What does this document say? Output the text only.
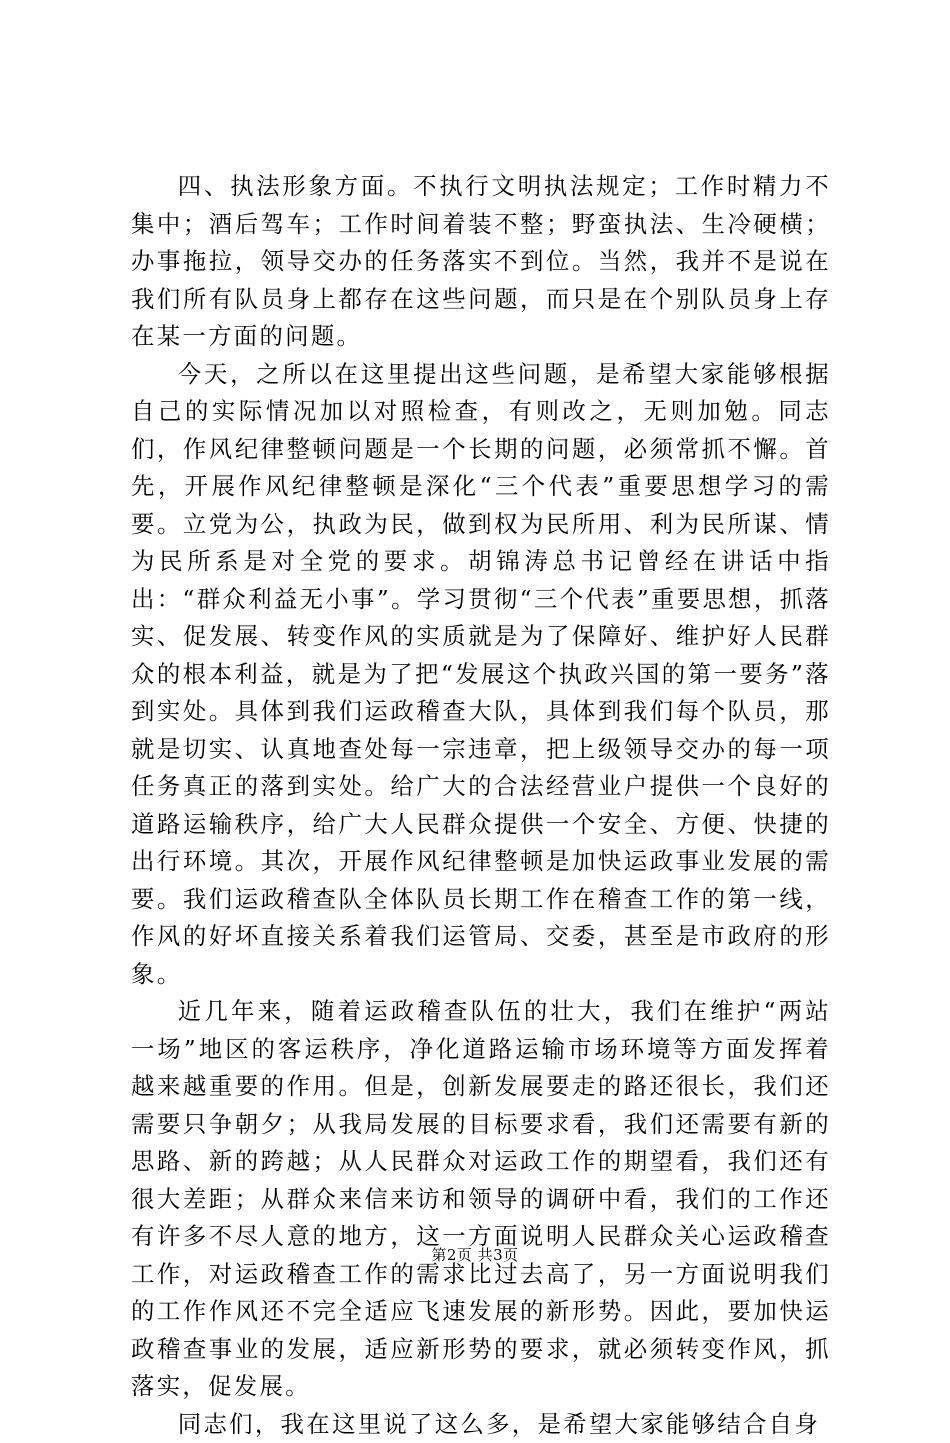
四、执法形象方面。不执行文明执法规定；工作时精力不集中；酒后驾车；工作时间着装不整；野蛮执法、生冷硬横；办事拖拉，领导交办的任务落实不到位。当然，我并不是说在我们所有队员身上都存在这些问题，而只是在个别队员身上存在某一方面的问题。

今天，之所以在这里提出这些问题，是希望大家能够根据自己的实际情况加以对照检查，有则改之，无则加勉。同志们，作风纪律整顿问题是一个长期的问题，必须常抓不懈。首先，开展作风纪律整顿是深化“三个代表”重要思想学习的需要。立党为公，执政为民，做到权为民所用、利为民所谋、情为民所系是对全党的要求。胡锦涛总书记曾经在讲话中指出：“群众利益无小事”。学习贯彻“三个代表”重要思想，抓落实、促发展、转变作风的实质就是为了保障好、维护好人民群众的根本利益，就是为了把“发展这个执政兴国的第一要务”落到实处。具体到我们运政稽查大队，具体到我们每个队员，那就是切实、认真地查处每一宗违章，把上级领导交办的每一项任务真正的落到实处。给广大的合法经营业户提供一个良好的道路运输秩序，给广大人民群众提供一个安全、方便、快捷的出行环境。其次，开展作风纪律整顿是加快运政事业发展的需要。我们运政稽查队全体队员长期工作在稽查工作的第一线，作风的好坏直接关系着我们运管局、交委，甚至是市政府的形象。

近几年来，随着运政稽查队伍的壮大，我们在维护“两站一场”地区的客运秩序，净化道路运输市场环境等方面发挥着越来越重要的作用。但是，创新发展要走的路还很长，我们还需要只争朝夕；从我局发展的目标要求看，我们还需要有新的思路、新的跨越；从人民群众对运政工作的期望看，我们还有很大差距；从群众来信来访和领导的调研中看，我们的工作还有许多不尽人意的地方，这一方面说明人民群众关心运政稽查工作，对运政稽查工作的需求比过去高了，另一方面说明我们的工作作风还不完全适应飞速发展的新形势。因此，要加快运政稽查事业的发展，适应新形势的要求，就必须转变作风，抓落实，促发展。

同志们，我在这里说了这么多，是希望大家能够结合自身

第2页 共3页
